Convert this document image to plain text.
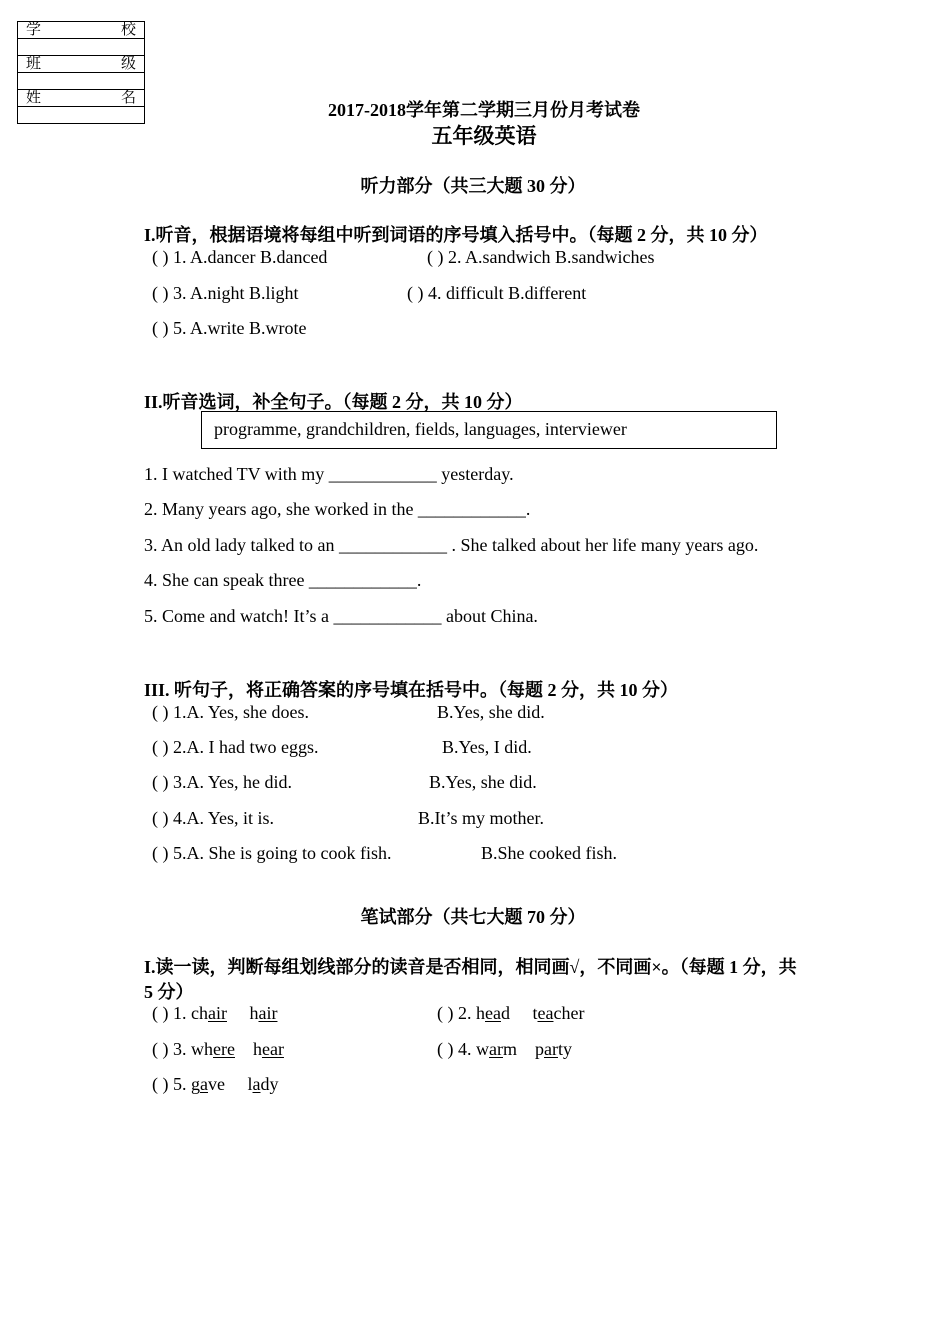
学	校

班	级

姓	名

2017-2018学年第二学期三月份月考试卷
五年级英语
听力部分（共三大题 30 分）
I.听音，根据语境将每组中听到词语的序号填入括号中。（每题 2 分，共 10 分）
( ) 1. A.dancer B.danced	( ) 2. A.sandwich B.sandwiches
( ) 3. A.night B.light	( ) 4. difficult B.different
( ) 5. A.write B.wrote
II.听音选词，补全句子。（每题 2 分，共 10 分）
programme, grandchildren, fields, languages, interviewer
1. I watched TV with my ____________ yesterday.
2. Many years ago, she worked in the ____________.
3. An old lady talked to an ____________ . She talked about her life many years ago.
4. She can speak three ____________.
5. Come and watch! It’s a ____________ about China.
III. 听句子，将正确答案的序号填在括号中。（每题 2 分，共 10 分）
( ) 1.A. Yes, she does.	B.Yes, she did.
( ) 2.A. I had two eggs.	B.Yes, I did.
( ) 3.A. Yes, he did.	B.Yes, she did.
( ) 4.A. Yes, it is.	B.It’s my mother.
( ) 5.A. She is going to cook fish.	B.She cooked fish.
笔试部分（共七大题 70 分）
I.读一读，判断每组划线部分的读音是否相同，相同画√，不同画×。（每题 1 分，共
5 分）
( ) 1. chair hair	( ) 2. head teacher
( ) 3. where hear	( ) 4. warm party
( ) 5. gave lady
